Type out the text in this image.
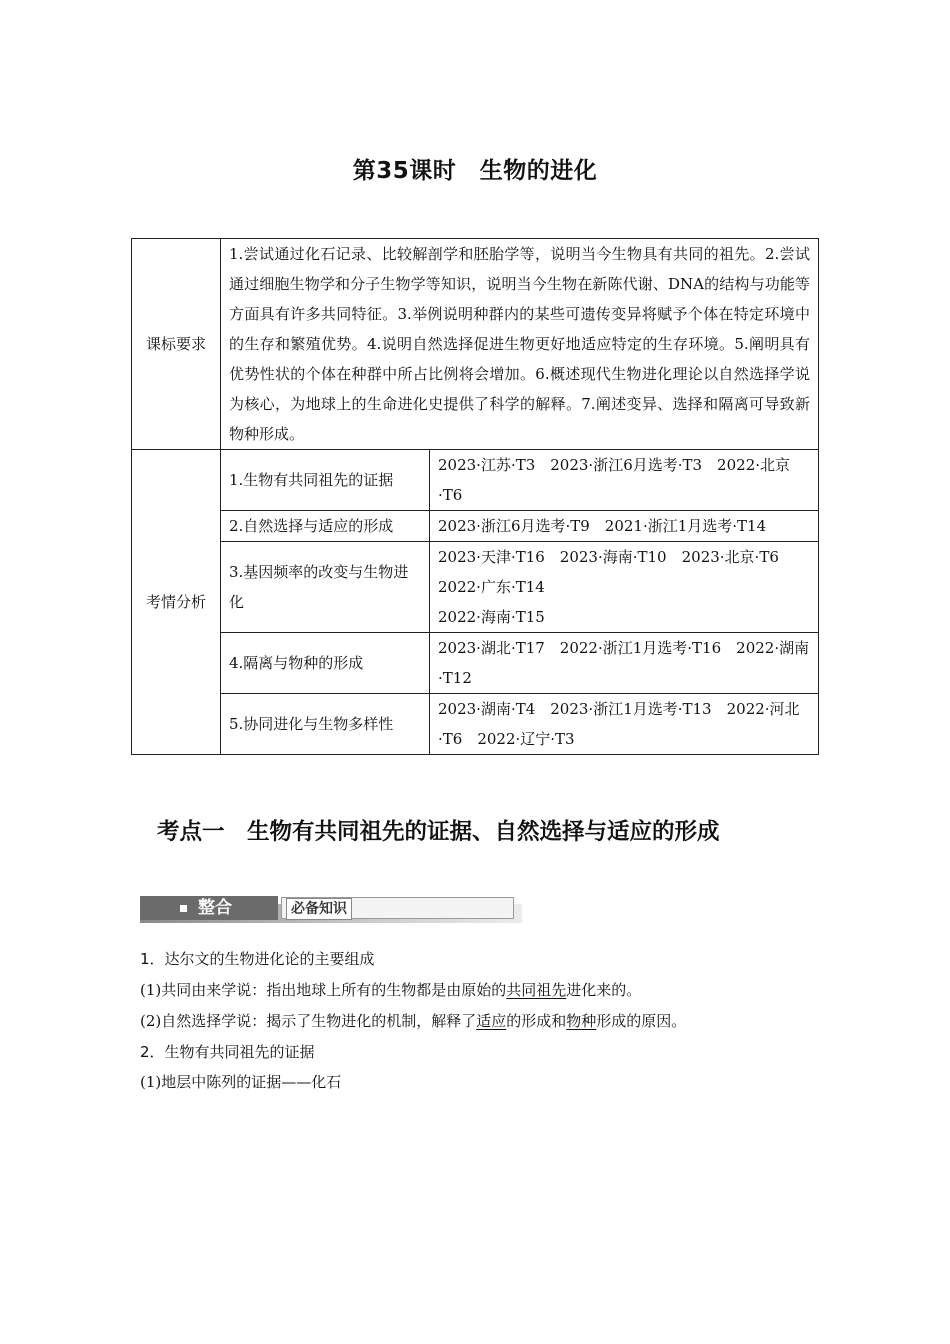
第35课时　生物的进化
课标要求	1.尝试通过化石记录、比较解剖学和胚胎学等，说明当今生物具有共同的祖先。2.尝试通过细胞生物学和分子生物学等知识，说明当今生物在新陈代谢、DNA的结构与功能等方面具有许多共同特征。3.举例说明种群内的某些可遗传变异将赋予个体在特定环境中的生存和繁殖优势。4.说明自然选择促进生物更好地适应特定的生存环境。5.阐明具有优势性状的个体在种群中所占比例将会增加。6.概述现代生物进化理论以自然选择学说为核心，为地球上的生命进化史提供了科学的解释。7.阐述变异、选择和隔离可导致新物种形成。	
考情分析	1.生物有共同祖先的证据	2023·江苏·T3　2023·浙江6月选考·T3　2022·北京·T6

	2.自然选择与适应的形成	2023·浙江6月选考·T9　2021·浙江1月选考·T14

	3.基因频率的改变与生物进化	2023·天津·T16　2023·海南·T10　2023·北京·T6
2022·广东·T14
2022·海南·T15

	4.隔离与物种的形成	2023·湖北·T17　2022·浙江1月选考·T16　2022·湖南·T12

	5.协同进化与生物多样性	2023·湖南·T4　2023·浙江1月选考·T13　2022·河北·T6　2022·辽宁·T3
考点一　生物有共同祖先的证据、自然选择与适应的形成
整合	必备知识
1．达尔文的生物进化论的主要组成
(1)共同由来学说：指出地球上所有的生物都是由原始的共同祖先进化来的。
(2)自然选择学说：揭示了生物进化的机制，解释了适应的形成和物种形成的原因。
2．生物有共同祖先的证据
(1)地层中陈列的证据——化石
